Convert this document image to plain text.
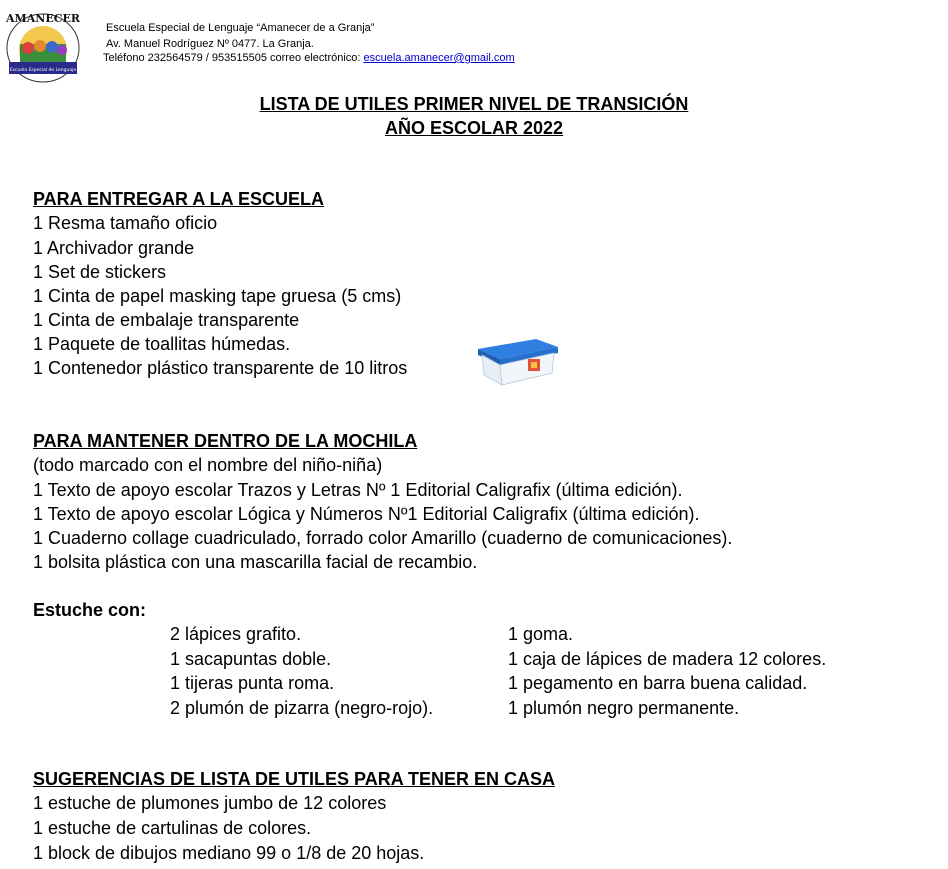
AMANECER
Escuela Especial de Lenguaje
Escuela Especial de Lenguaje “Amanecer de a Granja”
Av. Manuel Rodríguez Nº 0477. La Granja.
Teléfono 232564579 / 953515505 correo electrónico: escuela.amanecer@gmail.com
LISTA DE UTILES PRIMER NIVEL DE TRANSICIÓN
AÑO ESCOLAR 2022
PARA ENTREGAR A LA ESCUELA
1 Resma tamaño oficio
1 Archivador grande
1 Set de stickers
1 Cinta de papel masking tape gruesa (5 cms)
1 Cinta de embalaje transparente
1 Paquete de toallitas húmedas.
1 Contenedor plástico transparente de 10 litros
PARA MANTENER DENTRO DE LA MOCHILA
(todo marcado con el nombre del niño-niña)
1 Texto de apoyo escolar Trazos y Letras Nº 1 Editorial Caligrafix (última edición).
1 Texto de apoyo escolar Lógica y Números Nº1 Editorial Caligrafix (última edición).
1 Cuaderno collage cuadriculado, forrado color Amarillo (cuaderno de comunicaciones).
1 bolsita plástica con una mascarilla facial de recambio.
Estuche con:
2 lápices grafito.
1 sacapuntas doble.
1 tijeras punta roma.
2 plumón de pizarra (negro-rojo).
1 goma.
1 caja de lápices de madera 12 colores.
1 pegamento en barra buena calidad.
1 plumón negro permanente.
SUGERENCIAS DE LISTA DE UTILES PARA TENER EN CASA
1 estuche de plumones jumbo de 12 colores
1 estuche de cartulinas de colores.
1 block de dibujos mediano 99 o 1/8 de 20 hojas.
